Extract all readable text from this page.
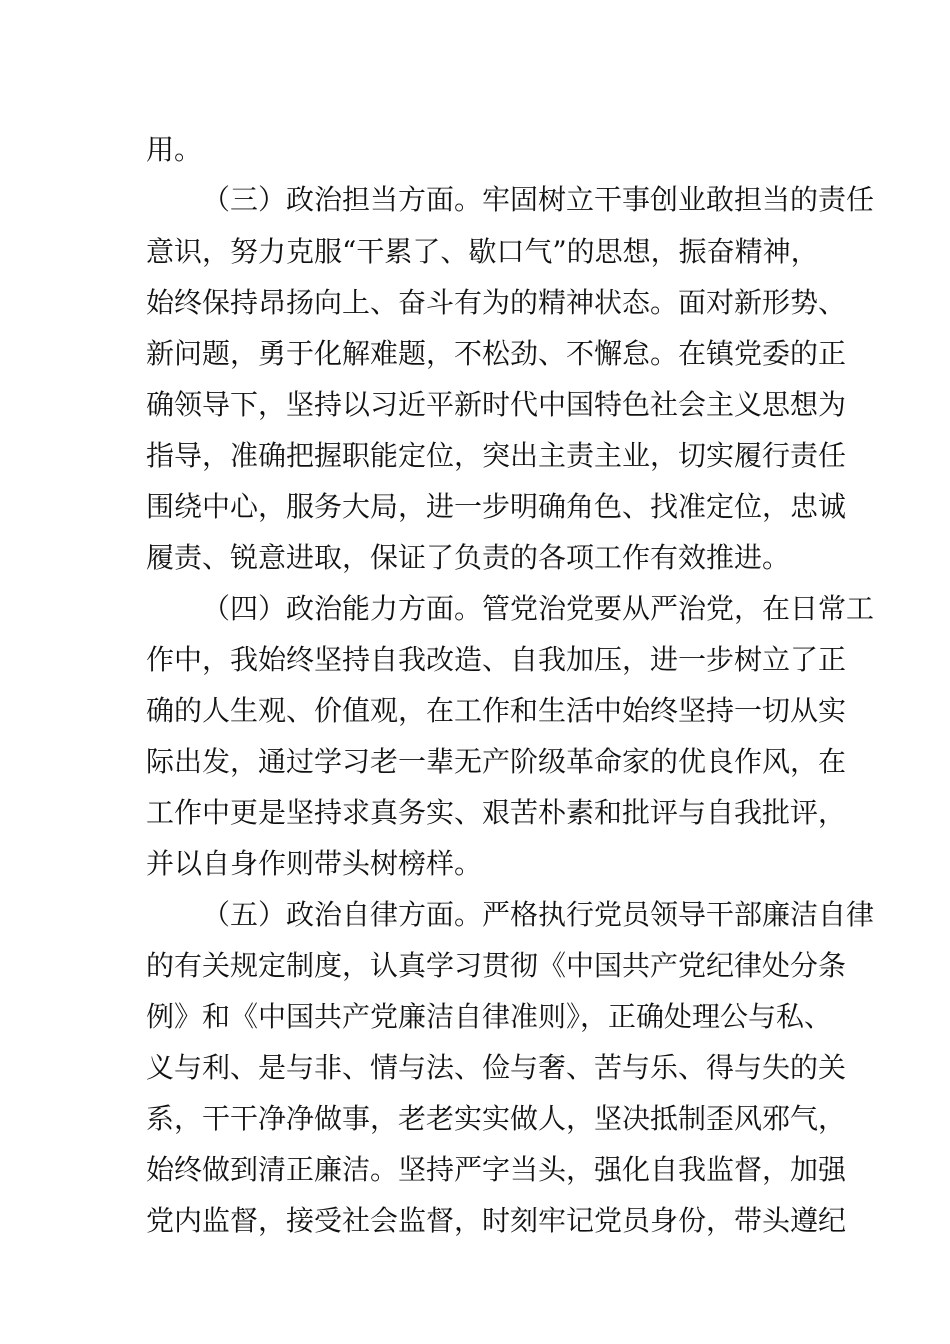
用。
（三）政治担当方面。牢固树立干事创业敢担当的责任
意识，努力克服“干累了、歇口气”的思想，振奋精神，
始终保持昂扬向上、奋斗有为的精神状态。面对新形势、
新问题，勇于化解难题，不松劲、不懈怠。在镇党委的正
确领导下，坚持以习近平新时代中国特色社会主义思想为
指导，准确把握职能定位，突出主责主业，切实履行责任
围绕中心，服务大局，进一步明确角色、找准定位，忠诚
履责、锐意进取，保证了负责的各项工作有效推进。
（四）政治能力方面。管党治党要从严治党，在日常工
作中，我始终坚持自我改造、自我加压，进一步树立了正
确的人生观、价值观，在工作和生活中始终坚持一切从实
际出发，通过学习老一辈无产阶级革命家的优良作风，在
工作中更是坚持求真务实、艰苦朴素和批评与自我批评，
并以自身作则带头树榜样。
（五）政治自律方面。严格执行党员领导干部廉洁自律
的有关规定制度，认真学习贯彻《中国共产党纪律处分条
例》和《中国共产党廉洁自律准则》，正确处理公与私、
义与利、是与非、情与法、俭与奢、苦与乐、得与失的关
系，干干净净做事，老老实实做人，坚决抵制歪风邪气，
始终做到清正廉洁。坚持严字当头，强化自我监督，加强
党内监督，接受社会监督，时刻牢记党员身份，带头遵纪
